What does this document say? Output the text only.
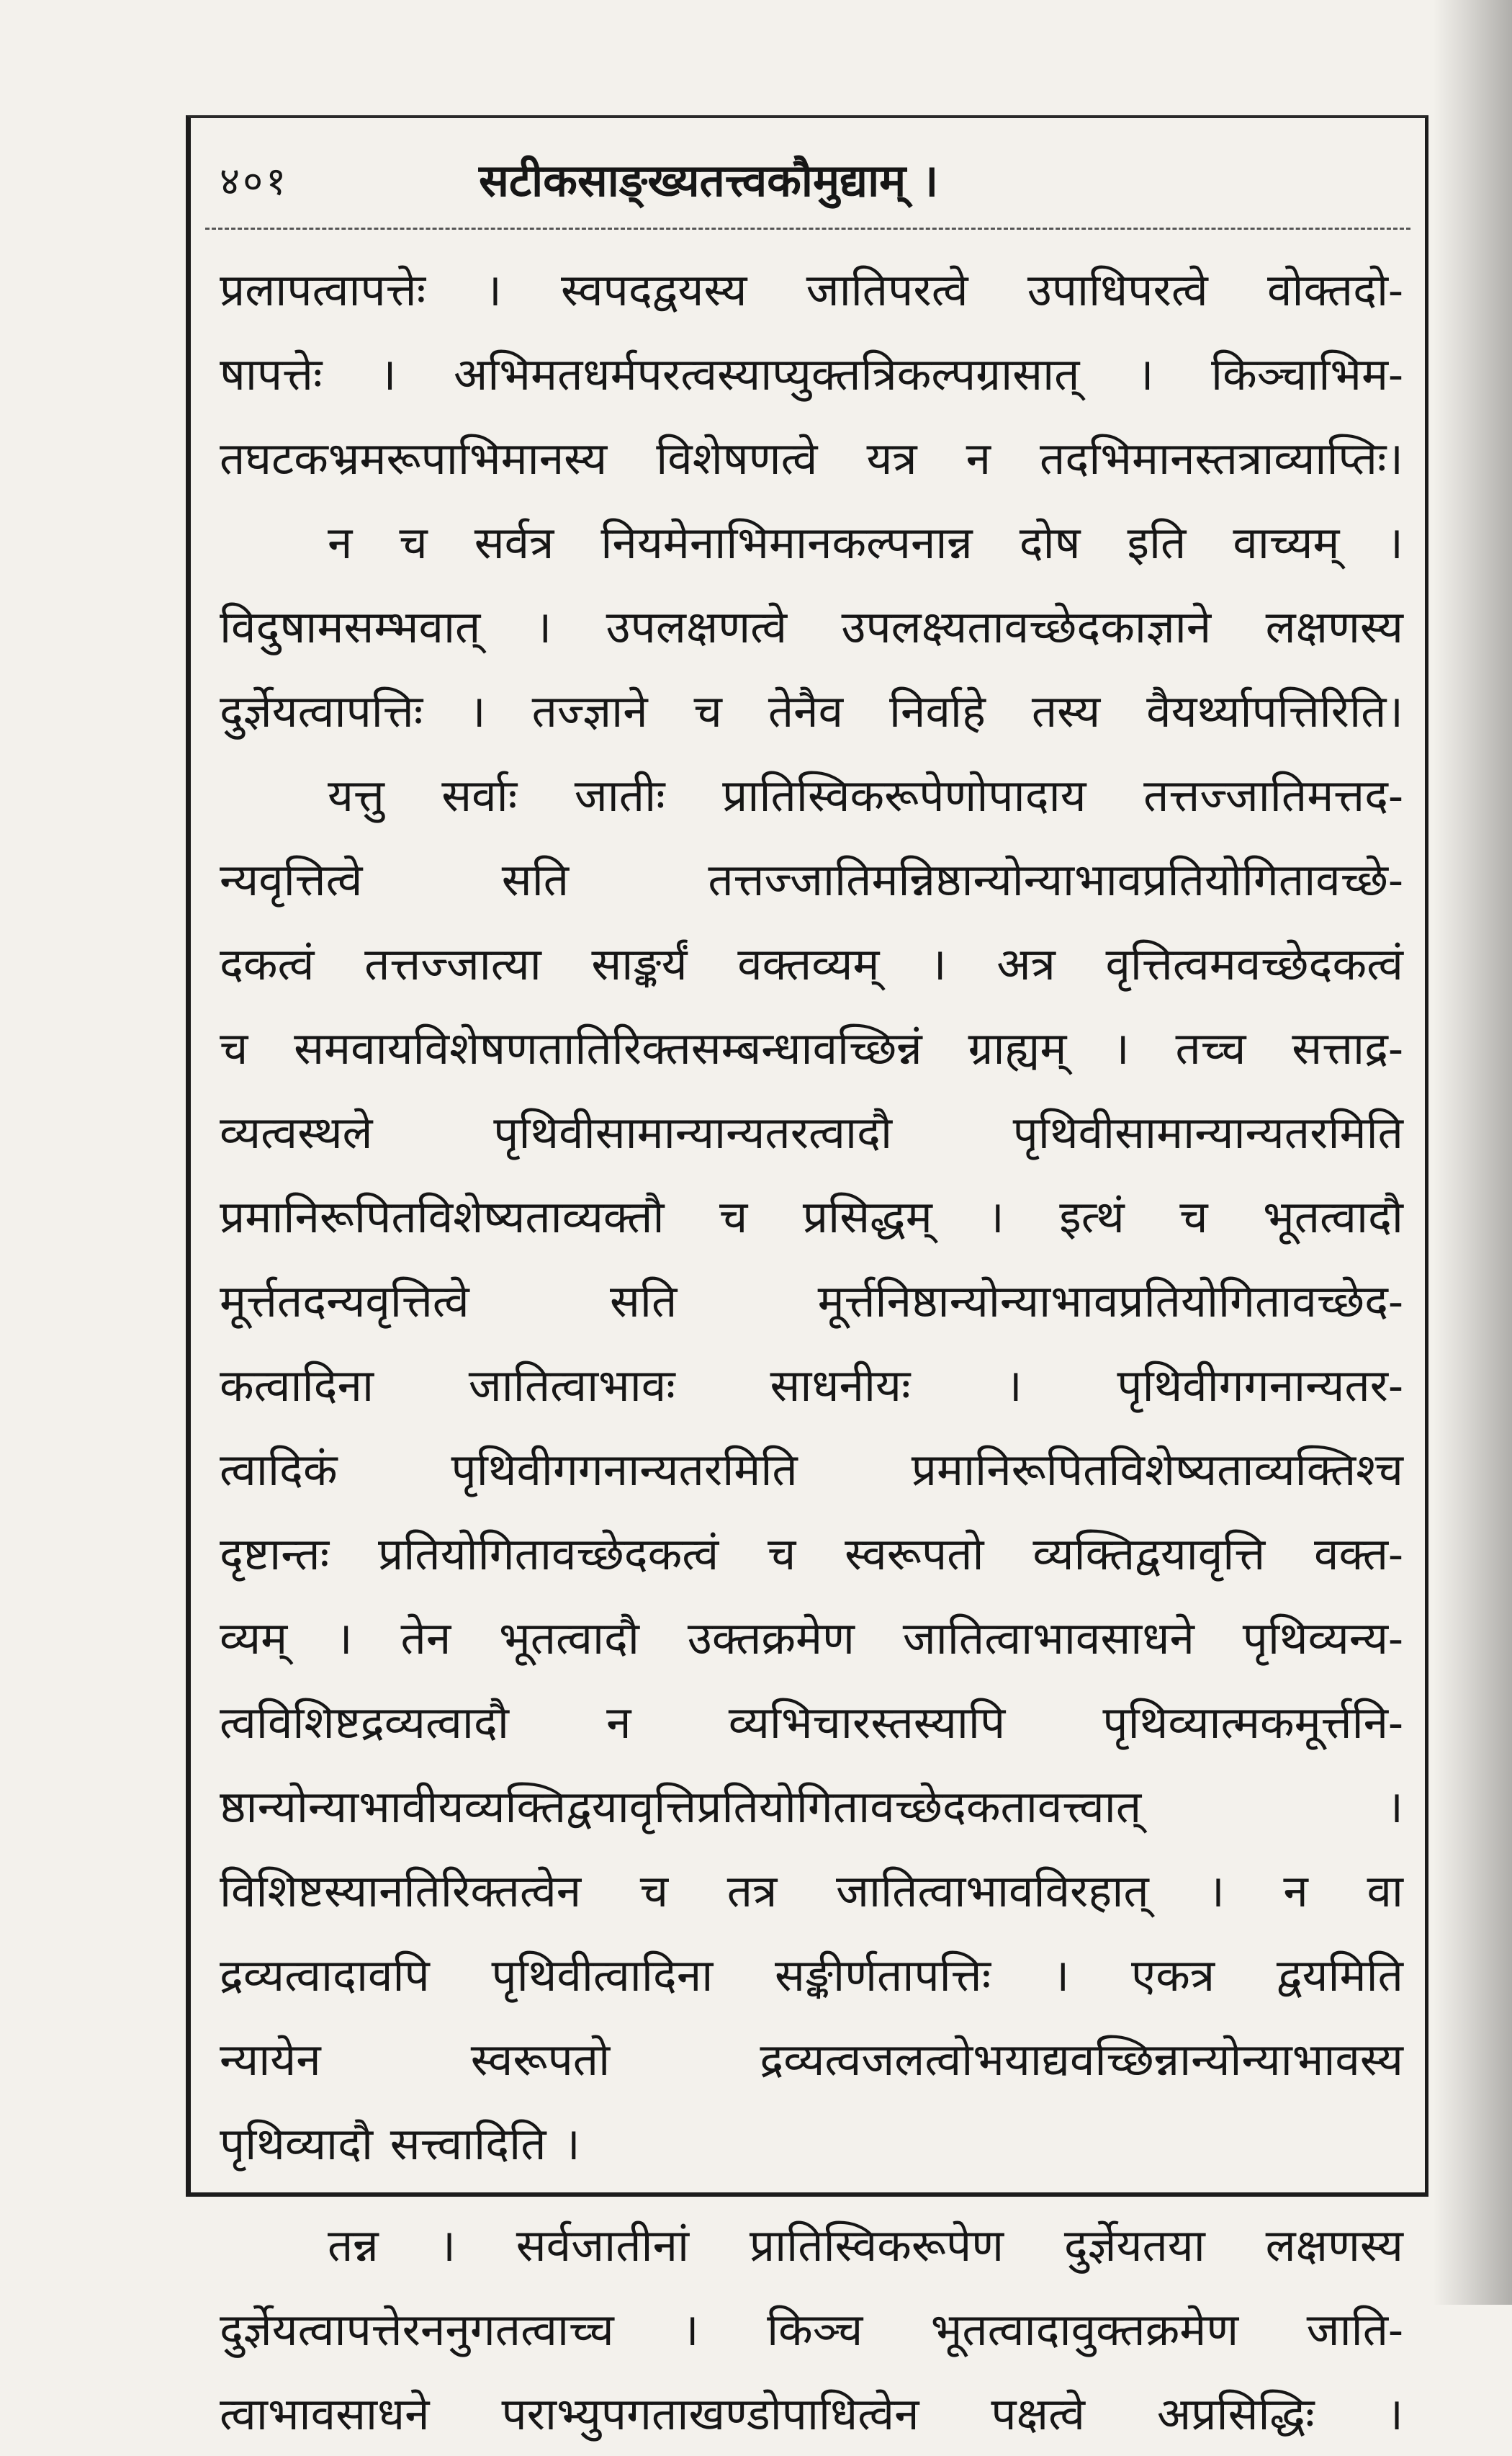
४०१	सटीकसाङ्ख्यतत्त्वकौमुद्याम् ।

प्रलापत्वापत्तेः । स्वपदद्वयस्य जातिपरत्वे उपाधिपरत्वे वोक्तदो-

षापत्तेः । अभिमतधर्मपरत्वस्याप्युक्तत्रिकल्पग्रासात् । किञ्चाभिम-

तघटकभ्रमरूपाभिमानस्य विशेषणत्वे यत्र न तदभिमानस्तत्राव्याप्तिः।

न च सर्वत्र नियमेनाभिमानकल्पनान्न दोष इति वाच्यम् ।

विदुषामसम्भवात् । उपलक्षणत्वे उपलक्ष्यतावच्छेदकाज्ञाने लक्षणस्य

दुर्ज्ञेयत्वापत्तिः । तज्ज्ञाने च तेनैव निर्वाहे तस्य वैयर्थ्यापत्तिरिति।

यत्तु सर्वाः जातीः प्रातिस्विकरूपेणोपादाय तत्तज्जातिमत्तद-

न्यवृत्तित्वे सति तत्तज्जातिमन्निष्ठान्योन्याभावप्रतियोगितावच्छे-

दकत्वं तत्तज्जात्या साङ्कर्यं वक्तव्यम् । अत्र वृत्तित्वमवच्छेदकत्वं

च समवायविशेषणतातिरिक्तसम्बन्धावच्छिन्नं ग्राह्यम् । तच्च सत्ताद्र-

व्यत्वस्थले पृथिवीसामान्यान्यतरत्वादौ पृथिवीसामान्यान्यतरमिति

प्रमानिरूपितविशेष्यताव्यक्तौ च प्रसिद्धम् । इत्थं च भूतत्वादौ

मूर्त्ततदन्यवृत्तित्वे सति मूर्त्तनिष्ठान्योन्याभावप्रतियोगितावच्छेद-

कत्वादिना जातित्वाभावः साधनीयः । पृथिवीगगनान्यतर-

त्वादिकं पृथिवीगगनान्यतरमिति प्रमानिरूपितविशेष्यताव्यक्तिश्च

दृष्टान्तः प्रतियोगितावच्छेदकत्वं च स्वरूपतो व्यक्तिद्वयावृत्ति वक्त-

व्यम् । तेन भूतत्वादौ उक्तक्रमेण जातित्वाभावसाधने पृथिव्यन्य-

त्वविशिष्टद्रव्यत्वादौ न व्यभिचारस्तस्यापि पृथिव्यात्मकमूर्त्तनि-

ष्ठान्योन्याभावीयव्यक्तिद्वयावृत्तिप्रतियोगितावच्छेदकतावत्त्वात् ।

विशिष्टस्यानतिरिक्तत्वेन च तत्र जातित्वाभावविरहात् । न वा

द्रव्यत्वादावपि पृथिवीत्वादिना सङ्कीर्णतापत्तिः । एकत्र द्वयमिति

न्यायेन स्वरूपतो द्रव्यत्वजलत्वोभयाद्यवच्छिन्नान्योन्याभावस्य

पृथिव्यादौ सत्त्वादिति ।

तन्न । सर्वजातीनां प्रातिस्विकरूपेण दुर्ज्ञेयतया लक्षणस्य

दुर्ज्ञेयत्वापत्तेरननुगतत्वाच्च । किञ्च भूतत्वादावुक्तक्रमेण जाति-

त्वाभावसाधने पराभ्युपगताखण्डोपाधित्वेन पक्षत्वे अप्रसिद्धिः ।
